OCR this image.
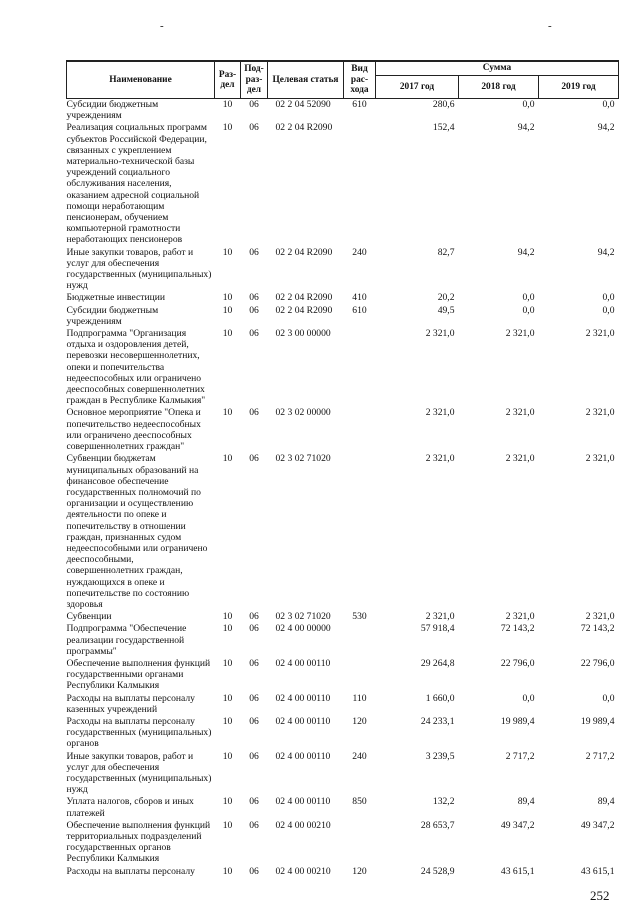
-	-
Наименование	Раз-дел	Под-раз-дел	Целевая статья	Вид рас-хода	Сумма		
					2017 год	2018 год	2019 год
Субсидии бюджетным учреждениям	10	06	02 2 04 52090	610	280,6	0,0	0,0
Реализация социальных программ субъектов Российской Федерации, связанных с укреплением материально-технической базы учреждений социального обслуживания населения, оказанием адресной социальной помощи неработающим пенсионерам, обучением компьютерной грамотности неработающих пенсионеров	10	06	02 2 04 R2090		152,4	94,2	94,2
Иные закупки товаров, работ и услуг для обеспечения государственных (муниципальных) нужд	10	06	02 2 04 R2090	240	82,7	94,2	94,2
Бюджетные инвестиции	10	06	02 2 04 R2090	410	20,2	0,0	0,0
Субсидии бюджетным учреждениям	10	06	02 2 04 R2090	610	49,5	0,0	0,0
Подпрограмма "Организация отдыха и оздоровления детей, перевозки несовершеннолетних, опеки и попечительства недееспособных или ограничено дееспособных совершеннолетних граждан в Республике Калмыкия"	10	06	02 3 00 00000		2 321,0	2 321,0	2 321,0
Основное мероприятие "Опека и попечительство недееспособных или ограничено дееспособных совершеннолетних граждан"	10	06	02 3 02 00000		2 321,0	2 321,0	2 321,0
Субвенции бюджетам муниципальных образований на финансовое обеспечение государственных полномочий по организации и осуществлению деятельности по опеке и попечительству в отношении граждан, признанных судом недееспособными или ограничено дееспособными, совершеннолетних граждан, нуждающихся в опеке и попечительстве по состоянию здоровья	10	06	02 3 02 71020		2 321,0	2 321,0	2 321,0
Субвенции	10	06	02 3 02 71020	530	2 321,0	2 321,0	2 321,0
Подпрограмма "Обеспечение реализации государственной программы"	10	06	02 4 00 00000		57 918,4	72 143,2	72 143,2
Обеспечение выполнения функций государственными органами Республики Калмыкия	10	06	02 4 00 00110		29 264,8	22 796,0	22 796,0
Расходы на выплаты персоналу казенных учреждений	10	06	02 4 00 00110	110	1 660,0	0,0	0,0
Расходы на выплаты персоналу государственных (муниципальных) органов	10	06	02 4 00 00110	120	24 233,1	19 989,4	19 989,4
Иные закупки товаров, работ и услуг для обеспечения государственных (муниципальных) нужд	10	06	02 4 00 00110	240	3 239,5	2 717,2	2 717,2
Уплата налогов, сборов и иных платежей	10	06	02 4 00 00110	850	132,2	89,4	89,4
Обеспечение выполнения функций территориальных подразделений государственных органов Республики Калмыкия	10	06	02 4 00 00210		28 653,7	49 347,2	49 347,2
Расходы на выплаты персоналу	10	06	02 4 00 00210	120	24 528,9	43 615,1	43 615,1
252
